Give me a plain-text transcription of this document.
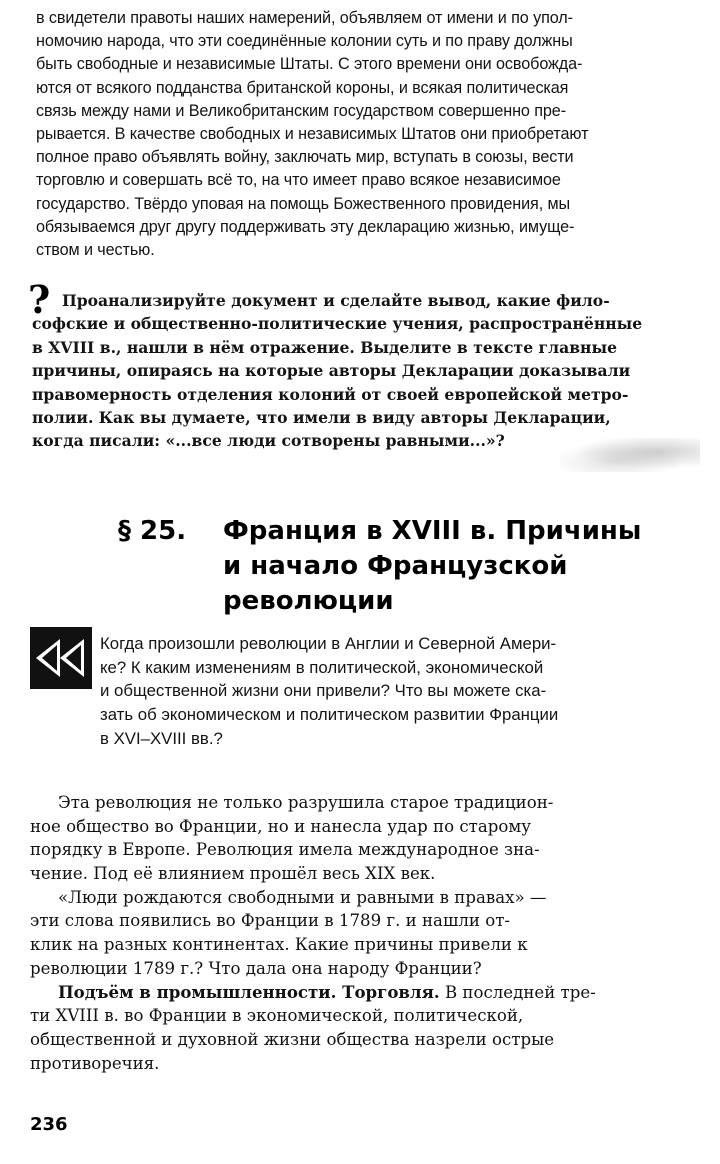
в свидетели правоты наших намерений, объявляем от имени и по упол-
номочию народа, что эти соединённые колонии суть и по праву должны
быть свободные и независимые Штаты. С этого времени они освобожда-
ются от всякого подданства британской короны, и всякая политическая
связь между нами и Великобританским государством совершенно пре-
рывается. В качестве свободных и независимых Штатов они приобретают
полное право объявлять войну, заключать мир, вступать в союзы, вести
торговлю и совершать всё то, на что имеет право всякое независимое
государство. Твёрдо уповая на помощь Божественного провидения, мы
обязываемся друг другу поддерживать эту декларацию жизнью, имуще-
ством и честью.
? Проанализируйте документ и сделайте вывод, какие фило-
софские и общественно-политические учения, распространённые
в XVIII в., нашли в нём отражение. Выделите в тексте главные
причины, опираясь на которые авторы Декларации доказывали
правомерность отделения колоний от своей европейской метро-
полии. Как вы думаете, что имели в виду авторы Декларации,
когда писали: «...все люди сотворены равными...»?
§ 25. Франция в XVIII в. Причины
и начало Французской
революции
Когда произошли революции в Англии и Северной Амери-
ке? К каким изменениям в политической, экономической
и общественной жизни они привели? Что вы можете ска-
зать об экономическом и политическом развитии Франции
в XVI–XVIII вв.?
Эта революция не только разрушила старое традицион-
ное общество во Франции, но и нанесла удар по старому
порядку в Европе. Революция имела международное зна-
чение. Под её влиянием прошёл весь XIX век.
«Люди рождаются свободными и равными в правах» —
эти слова появились во Франции в 1789 г. и нашли от-
клик на разных континентах. Какие причины привели к
революции 1789 г.? Что дала она народу Франции?
Подъём в промышленности. Торговля. В последней тре-
ти XVIII в. во Франции в экономической, политической,
общественной и духовной жизни общества назрели острые
противоречия.
236
